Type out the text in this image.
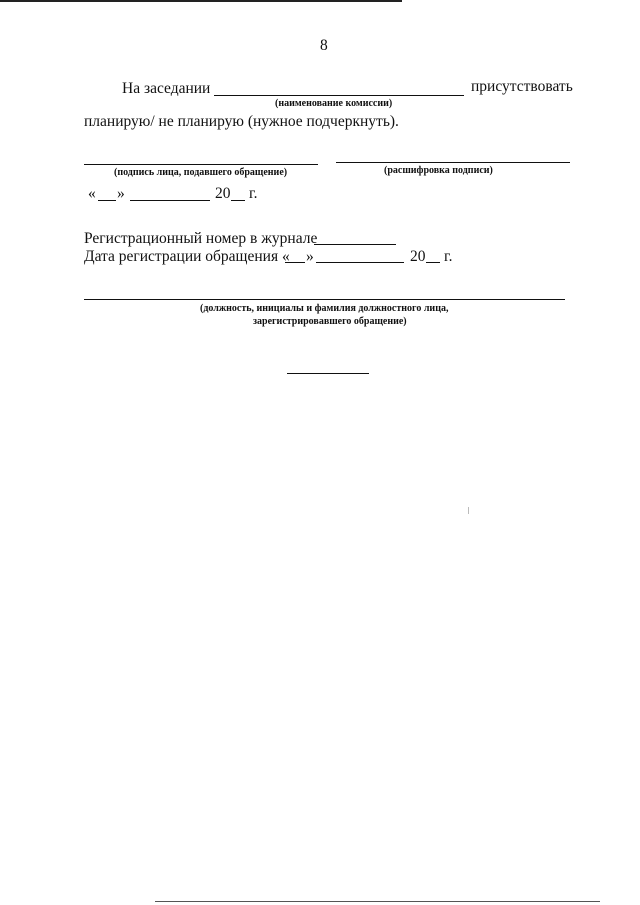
8
На заседании	присутствовать
(наименование комиссии)
планирую/ не планирую (нужное подчеркнуть).
(подпись лица, подавшего обращение)	(расшифровка подписи)
« »	20 г.
Регистрационный номер в журнале
Дата регистрации обращения « »	20 г.
(должность, инициалы и фамилия должностного лица,
зарегистрировавшего обращение)
